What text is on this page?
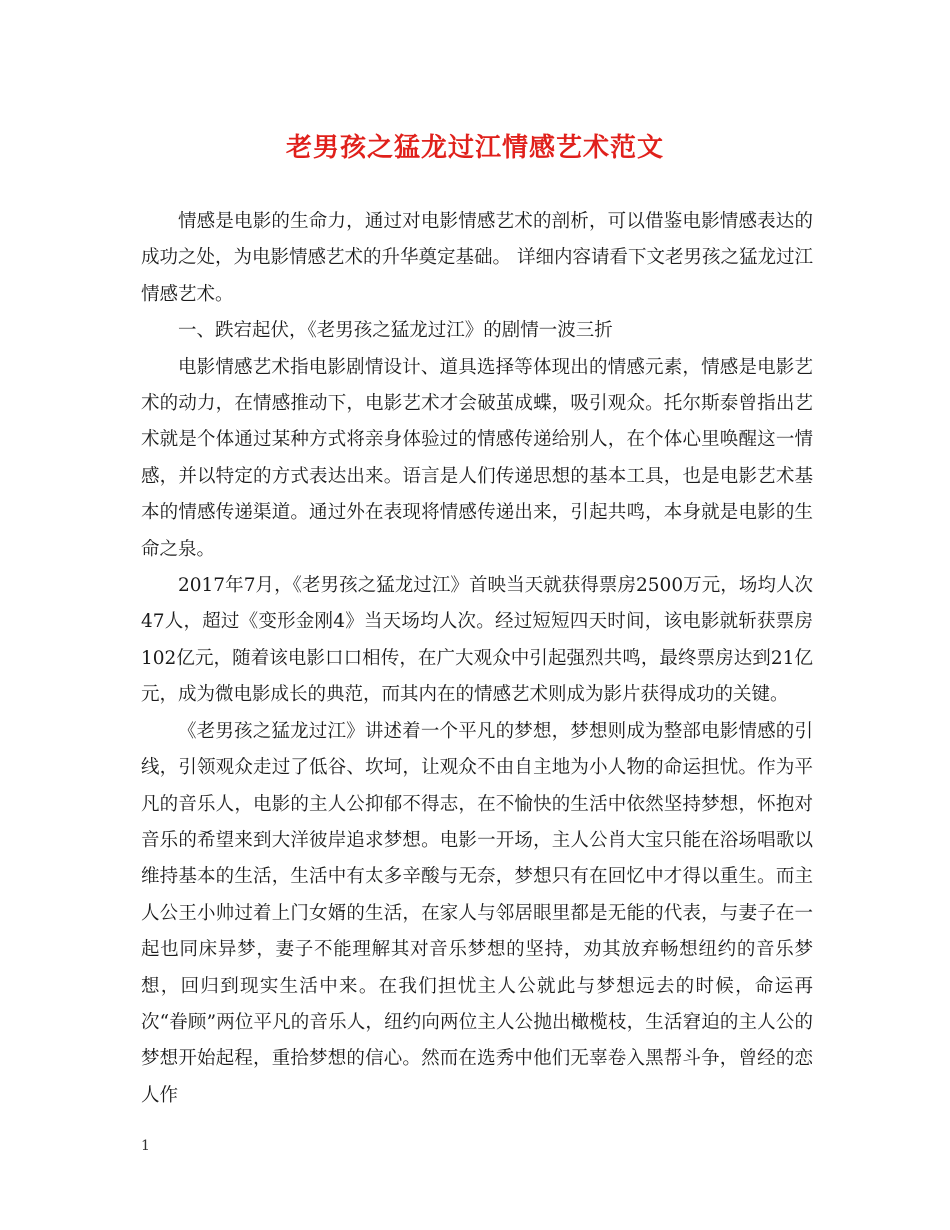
老男孩之猛龙过江情感艺术范文

情感是电影的生命力，通过对电影情感艺术的剖析，可以借鉴电影情感表达的成功之处，为电影情感艺术的升华奠定基础。 详细内容请看下文老男孩之猛龙过江情感艺术。

一、跌宕起伏，《老男孩之猛龙过江》的剧情一波三折

电影情感艺术指电影剧情设计、道具选择等体现出的情感元素，情感是电影艺术的动力，在情感推动下，电影艺术才会破茧成蝶，吸引观众。托尔斯泰曾指出艺术就是个体通过某种方式将亲身体验过的情感传递给别人，在个体心里唤醒这一情感，并以特定的方式表达出来。语言是人们传递思想的基本工具，也是电影艺术基本的情感传递渠道。通过外在表现将情感传递出来，引起共鸣，本身就是电影的生命之泉。

2017年7月，《老男孩之猛龙过江》首映当天就获得票房2500万元，场均人次47人，超过《变形金刚4》当天场均人次。经过短短四天时间，该电影就斩获票房102亿元，随着该电影口口相传，在广大观众中引起强烈共鸣，最终票房达到21亿元，成为微电影成长的典范，而其内在的情感艺术则成为影片获得成功的关键。

《老男孩之猛龙过江》讲述着一个平凡的梦想，梦想则成为整部电影情感的引线，引领观众走过了低谷、坎坷，让观众不由自主地为小人物的命运担忧。作为平凡的音乐人，电影的主人公抑郁不得志，在不愉快的生活中依然坚持梦想，怀抱对音乐的希望来到大洋彼岸追求梦想。电影一开场，主人公肖大宝只能在浴场唱歌以维持基本的生活，生活中有太多辛酸与无奈，梦想只有在回忆中才得以重生。而主人公王小帅过着上门女婿的生活，在家人与邻居眼里都是无能的代表，与妻子在一起也同床异梦，妻子不能理解其对音乐梦想的坚持，劝其放弃畅想纽约的音乐梦想，回归到现实生活中来。在我们担忧主人公就此与梦想远去的时候，命运再次“眷顾”两位平凡的音乐人，纽约向两位主人公抛出橄榄枝，生活窘迫的主人公的梦想开始起程，重拾梦想的信心。然而在选秀中他们无辜卷入黑帮斗争，曾经的恋人作

1
